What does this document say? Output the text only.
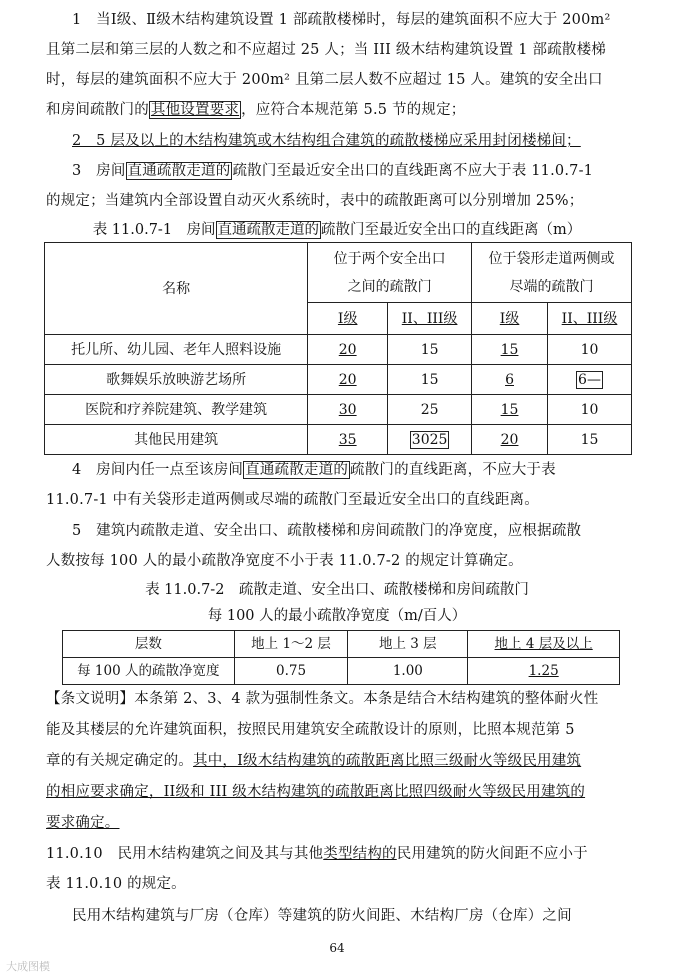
1　当Ⅰ级、Ⅱ级木结构建筑设置 1 部疏散楼梯时，每层的建筑面积不应大于 200m²
且第二层和第三层的人数之和不应超过 25 人；当 III 级木结构建筑设置 1 部疏散楼梯
时，每层的建筑面积不应大于 200m² 且第二层人数不应超过 15 人。建筑的安全出口
和房间疏散门的 其他设置要求 ，应符合本规范第 5.5 节的规定；
2　5 层及以上的木结构建筑或木结构组合建筑的疏散楼梯应采用封闭楼梯间；
3　房间 直通疏散走道的 疏散门至最近安全出口的直线距离不应大于表 11.0.7-1
的规定；当建筑内全部设置自动灭火系统时，表中的疏散距离可以分别增加 25%；
表 11.0.7-1　房间 直通疏散走道的 疏散门至最近安全出口的直线距离（m）
名称	位于两个安全出口之间的疏散门		位于袋形走道两侧或尽端的疏散门	

	I级	II、III级	I级	II、III级
托儿所、幼儿园、老年人照料设施	20	15	15	10
歌舞娱乐放映游艺场所	20	15	6	6—
医院和疗养院建筑、教学建筑	30	25	15	10
其他民用建筑	35	3025	20	15
4　房间内任一点至该房间 直通疏散走道的 疏散门的直线距离，不应大于表
11.0.7-1 中有关袋形走道两侧或尽端的疏散门至最近安全出口的直线距离。
5　建筑内疏散走道、安全出口、疏散楼梯和房间疏散门的净宽度，应根据疏散
人数按每 100 人的最小疏散净宽度不小于表 11.0.7-2 的规定计算确定。
表 11.0.7-2　疏散走道、安全出口、疏散楼梯和房间疏散门
每 100 人的最小疏散净宽度（m/百人）
层数	地上 1～2 层	地上 3 层	地上 4 层及以上
每 100 人的疏散净宽度	0.75	1.00	1.25
【条文说明】本条第 2、3、4 款为强制性条文。本条是结合木结构建筑的整体耐火性
能及其楼层的允许建筑面积，按照民用建筑安全疏散设计的原则，比照本规范第 5
章的有关规定确定的。其中，I级木结构建筑的疏散距离比照三级耐火等级民用建筑
的相应要求确定，II级和 III 级木结构建筑的疏散距离比照四级耐火等级民用建筑的
要求确定。
11.0.10　民用木结构建筑之间及其与其他类型结构的民用建筑的防火间距不应小于
表 11.0.10 的规定。
民用木结构建筑与厂房（仓库）等建筑的防火间距、木结构厂房（仓库）之间
64
大成图模
